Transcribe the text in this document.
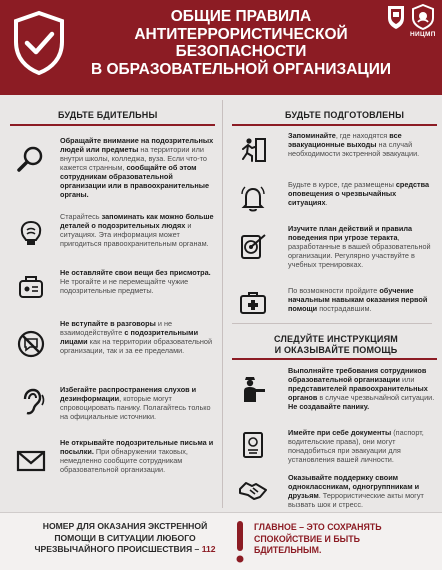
ОБЩИЕ ПРАВИЛА
АНТИТЕРРОРИСТИЧЕСКОЙ
БЕЗОПАСНОСТИ
В ОБРАЗОВАТЕЛЬНОЙ ОРГАНИЗАЦИИ
НИЦМП
БУДЬТЕ БДИТЕЛЬНЫ
Обращайте внимание на подозрительных людей или предметы на территории или внутри школы, колледжа, вуза. Если что-то кажется странным, сообщайте об этом сотрудникам образовательной организации или в правоохранительные органы.
Старайтесь запоминать как можно больше деталей о подозрительных людях и ситуациях. Эта информация может пригодиться правоохранительным органам.
Не оставляйте свои вещи без присмотра. Не трогайте и не перемещайте чужие подозрительные предметы.
Не вступайте в разговоры и не взаимодействуйте с подозрительными лицами как на территории образовательной организации, так и за ее пределами.
Избегайте распространения слухов и дезинформации, которые могут спровоцировать панику. Полагайтесь только на официальные источники.
Не открывайте подозрительные письма и посылки. При обнаружении таковых, немедленно сообщите сотрудникам образовательной организации.
БУДЬТЕ ПОДГОТОВЛЕНЫ
Запоминайте, где находятся все эвакуационные выходы на случай необходимости экстренной эвакуации.
Будьте в курсе, где размещены средства оповещения о чрезвычайных ситуациях.
Изучите план действий и правила поведения при угрозе теракта, разработанные в вашей образовательной организации. Регулярно участвуйте в учебных тренировках.
По возможности пройдите обучение начальным навыкам оказания первой помощи пострадавшим.
СЛЕДУЙТЕ ИНСТРУКЦИЯМ
И ОКАЗЫВАЙТЕ ПОМОЩЬ
Выполняйте требования сотрудников образовательной организации или представителей правоохранительных органов в случае чрезвычайной ситуации. Не создавайте панику.
Имейте при себе документы (паспорт, водительские права), они могут понадобиться при эвакуации для установления вашей личности.
Оказывайте поддержку своим одноклассникам, одногруппникам и друзьям. Террористические акты могут вызвать шок и стресс.
НОМЕР ДЛЯ ОКАЗАНИЯ ЭКСТРЕННОЙ ПОМОЩИ В СИТУАЦИИ ЛЮБОГО ЧРЕЗВЫЧАЙНОГО ПРОИСШЕСТВИЯ – 112
ГЛАВНОЕ – ЭТО СОХРАНЯТЬ СПОКОЙСТВИЕ И БЫТЬ БДИТЕЛЬНЫМ.
